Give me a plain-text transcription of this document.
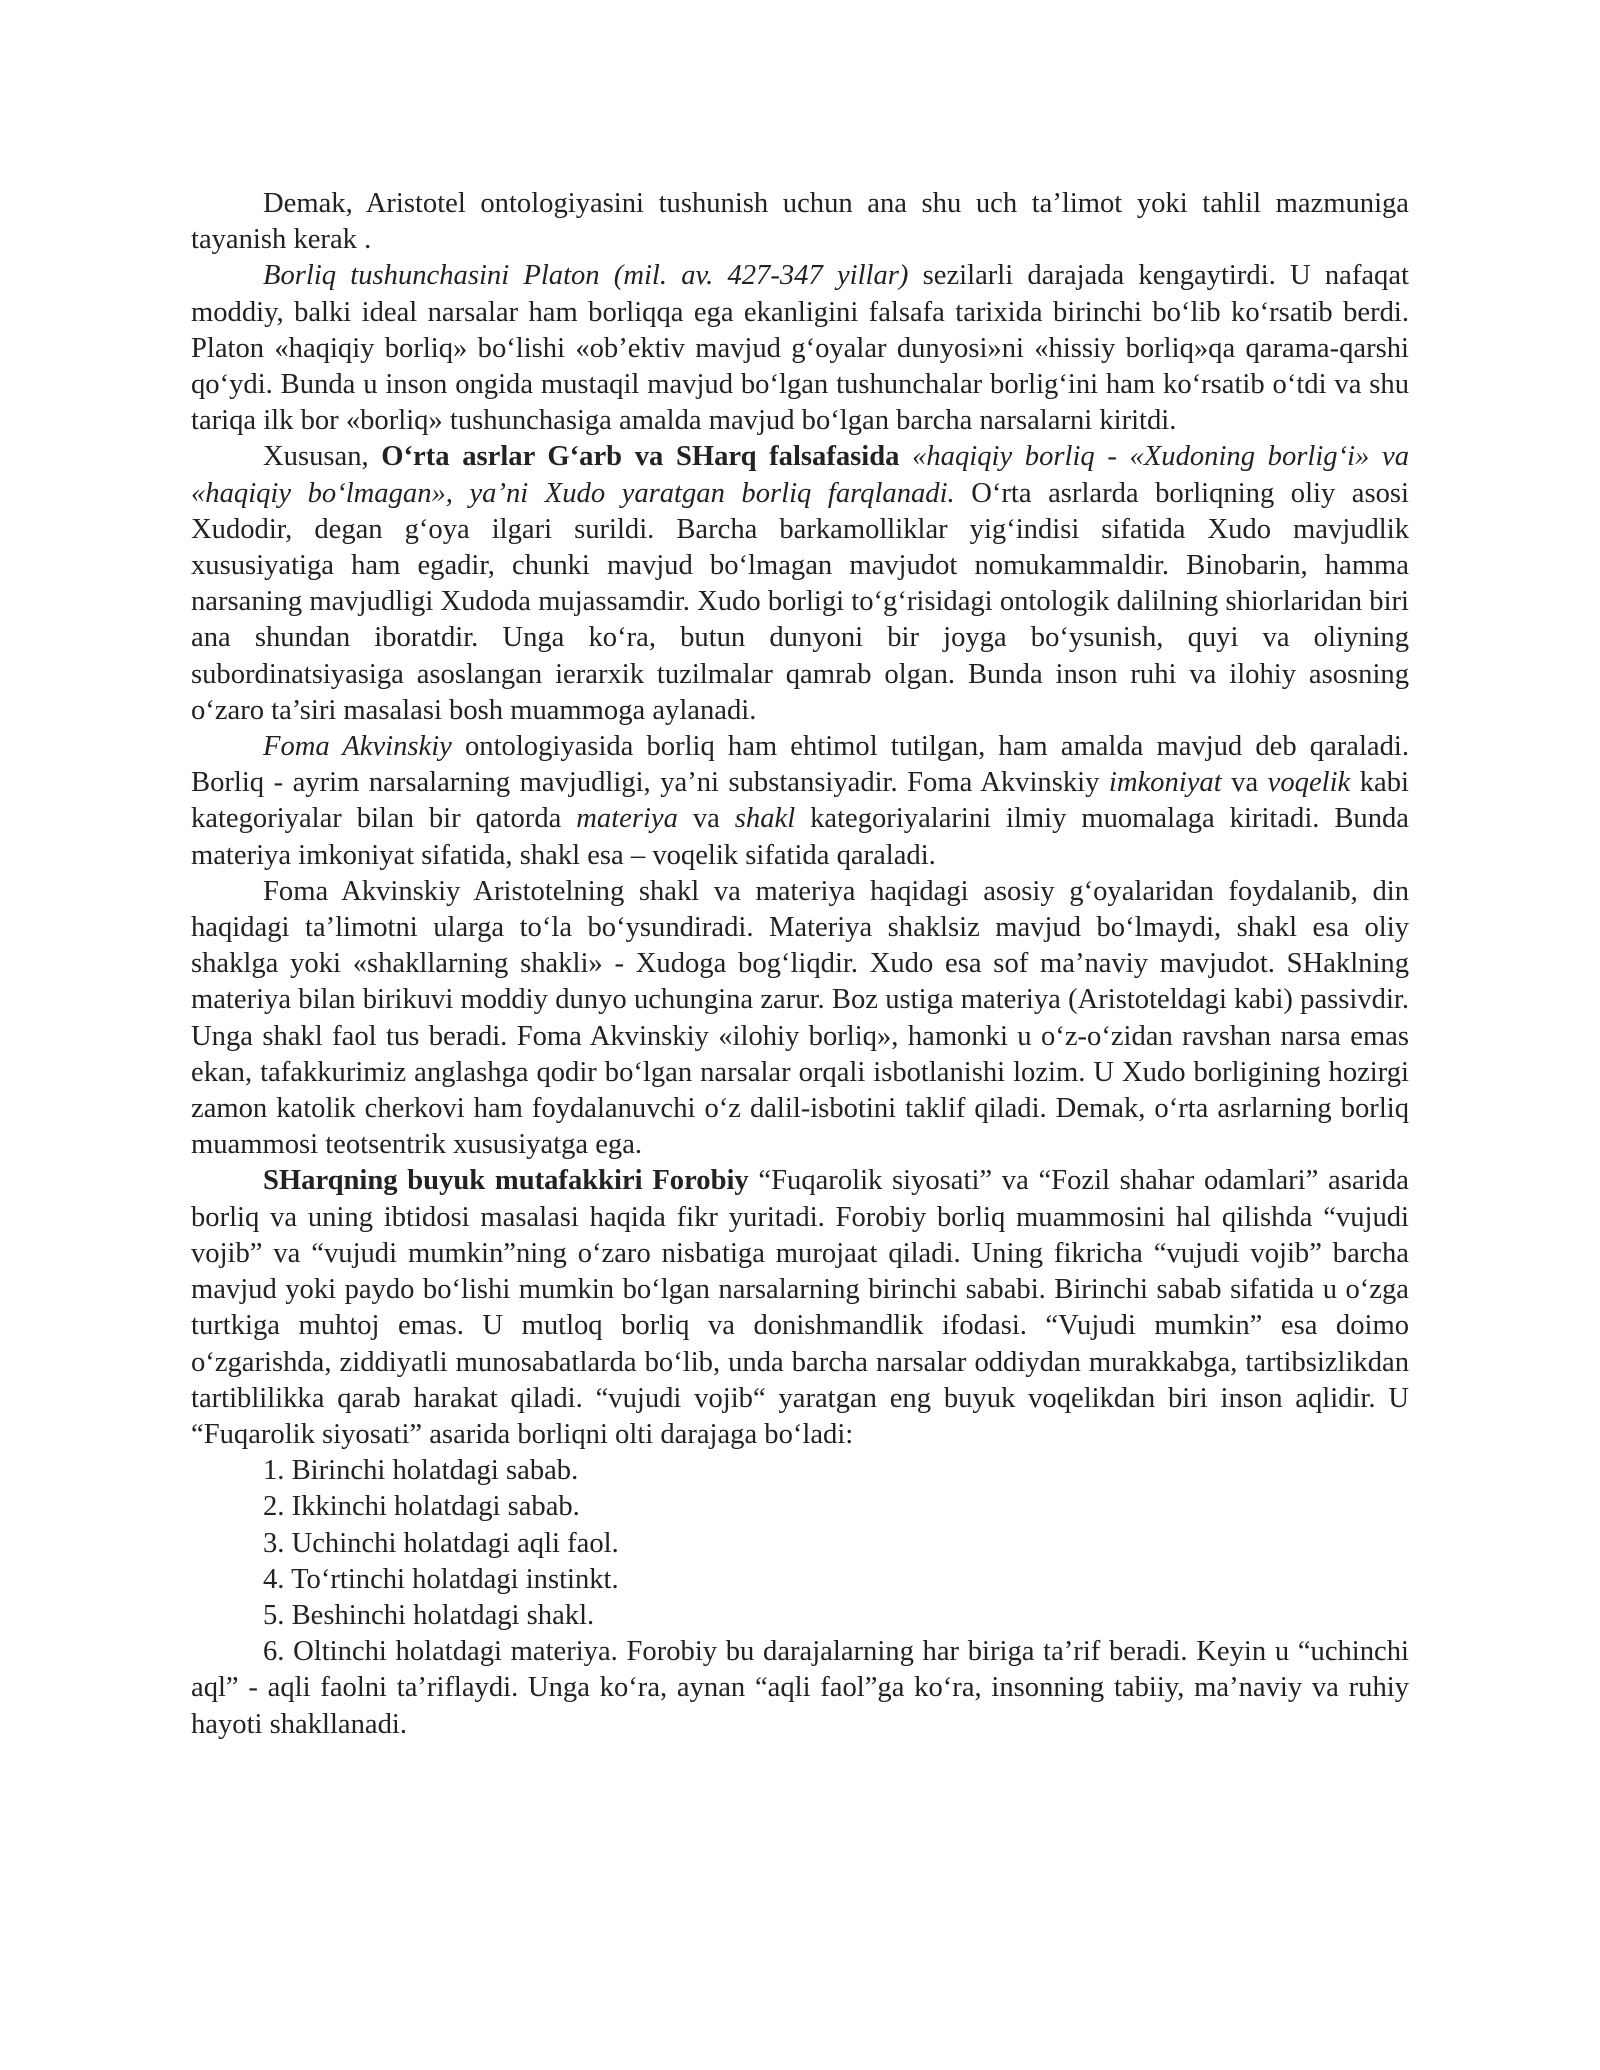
Demak, Aristotel ontologiyasini tushunish uchun ana shu uch ta’limot yoki tahlil mazmuniga tayanish kerak .

Borliq tushunchasini Platon (mil. av. 427-347 yillar) sezilarli darajada kengaytirdi. U nafaqat moddiy, balki ideal narsalar ham borliqqa ega ekanligini falsafa tarixida birinchi bo‘lib ko‘rsatib berdi. Platon «haqiqiy borliq» bo‘lishi «ob’ektiv mavjud g‘oyalar dunyosi»ni «hissiy borliq»qa qarama-qarshi qo‘ydi. Bunda u inson ongida mustaqil mavjud bo‘lgan tushunchalar borlig‘ini ham ko‘rsatib o‘tdi va shu tariqa ilk bor «borliq» tushunchasiga amalda mavjud bo‘lgan barcha narsalarni kiritdi.

Xususan, O‘rta asrlar G‘arb va SHarq falsafasida «haqiqiy borliq - «Xudoning borlig‘i» va «haqiqiy bo‘lmagan», ya’ni Xudo yaratgan borliq farqlanadi. O‘rta asrlarda borliqning oliy asosi Xudodir, degan g‘oya ilgari surildi. Barcha barkamolliklar yig‘indisi sifatida Xudo mavjudlik xususiyatiga ham egadir, chunki mavjud bo‘lmagan mavjudot nomukammaldir. Binobarin, hamma narsaning mavjudligi Xudoda mujassamdir. Xudo borligi to‘g‘risidagi ontologik dalilning shiorlaridan biri ana shundan iboratdir. Unga ko‘ra, butun dunyoni bir joyga bo‘ysunish, quyi va oliyning subordinatsiyasiga asoslangan ierarxik tuzilmalar qamrab olgan. Bunda inson ruhi va ilohiy asosning o‘zaro ta’siri masalasi bosh muammoga aylanadi.

Foma Akvinskiy ontologiyasida borliq ham ehtimol tutilgan, ham amalda mavjud deb qaraladi. Borliq - ayrim narsalarning mavjudligi, ya’ni substansiyadir. Foma Akvinskiy imkoniyat va voqelik kabi kategoriyalar bilan bir qatorda materiya va shakl kategoriyalarini ilmiy muomalaga kiritadi. Bunda materiya imkoniyat sifatida, shakl esa – voqelik sifatida qaraladi.

Foma Akvinskiy Aristotelning shakl va materiya haqidagi asosiy g‘oyalaridan foydalanib, din haqidagi ta’limotni ularga to‘la bo‘ysundiradi. Materiya shaklsiz mavjud bo‘lmaydi, shakl esa oliy shaklga yoki «shakllarning shakli» - Xudoga bog‘liqdir. Xudo esa sof ma’naviy mavjudot. SHaklning materiya bilan birikuvi moddiy dunyo uchungina zarur. Boz ustiga materiya (Aristoteldagi kabi) passivdir. Unga shakl faol tus beradi. Foma Akvinskiy «ilohiy borliq», hamonki u o‘z-o‘zidan ravshan narsa emas ekan, tafakkurimiz anglashga qodir bo‘lgan narsalar orqali isbotlanishi lozim. U Xudo borligining hozirgi zamon katolik cherkovi ham foydalanuvchi o‘z dalil-isbotini taklif qiladi. Demak, o‘rta asrlarning borliq muammosi teotsentrik xususiyatga ega.

SHarqning buyuk mutafakkiri Forobiy “Fuqarolik siyosati” va “Fozil shahar odamlari” asarida borliq va uning ibtidosi masalasi haqida fikr yuritadi. Forobiy borliq muammosini hal qilishda “vujudi vojib” va “vujudi mumkin”ning o‘zaro nisbatiga murojaat qiladi. Uning fikricha “vujudi vojib” barcha mavjud yoki paydo bo‘lishi mumkin bo‘lgan narsalarning birinchi sababi. Birinchi sabab sifatida u o‘zga turtkiga muhtoj emas. U mutloq borliq va donishmandlik ifodasi. “Vujudi mumkin” esa doimo o‘zgarishda, ziddiyatli munosabatlarda bo‘lib, unda barcha narsalar oddiydan murakkabga, tartibsizlikdan tartiblilikka qarab harakat qiladi. “vujudi vojib“ yaratgan eng buyuk voqelikdan biri inson aqlidir. U “Fuqarolik siyosati” asarida borliqni olti darajaga bo‘ladi:

1. Birinchi holatdagi sabab.

2. Ikkinchi holatdagi sabab.

3. Uchinchi holatdagi aqli faol.

4. To‘rtinchi holatdagi instinkt.

5. Beshinchi holatdagi shakl.

6. Oltinchi holatdagi materiya. Forobiy bu darajalarning har biriga ta’rif beradi. Keyin u “uchinchi aql” - aqli faolni ta’riflaydi. Unga ko‘ra, aynan “aqli faol”ga ko‘ra, insonning tabiiy, ma’naviy va ruhiy hayoti shakllanadi.
